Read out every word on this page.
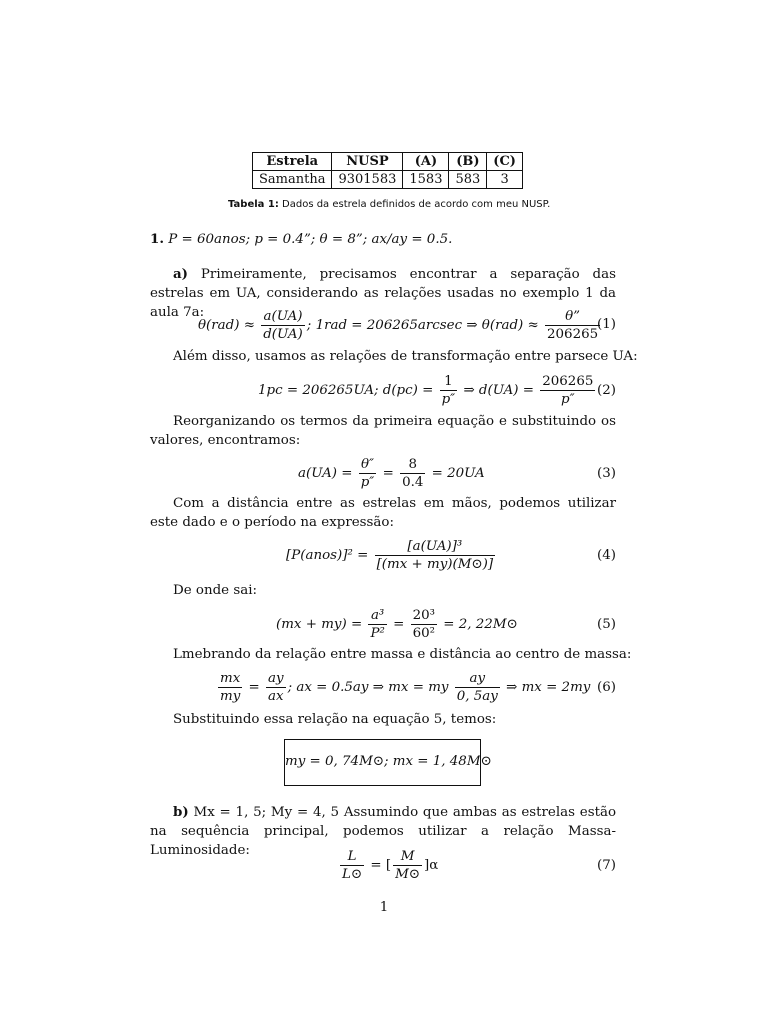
Estrela	NUSP	(A)	(B)	(C)
Samantha	9301583	1583	583	3
Tabela 1: Dados da estrela definidos de acordo com meu NUSP.
1. P = 60anos; p = 0.4”; θ = 8”; ax/ay = 0.5.
a) Primeiramente, precisamos encontrar a separação das estrelas em UA, considerando as relações usadas no exemplo 1 da aula 7a:
$\theta(rad) \approx \frac{a(UA)}{d(UA)}$ ; 1rad = 206265arcsec ⇒ $\theta(rad) \approx \frac{\theta”}{206265}$
(1)
Além disso, usamos as relações de transformação entre parsece UA:
1pc = 206265UA; $d(pc) = \frac{1}{p''}$ ⇒ $d(UA) = \frac{206265}{p''} (2)$
Reorganizando os termos da primeira equação e substituindo os valores, encontramos:
$a(UA) = \frac{\theta''}{p''} = \frac{8}{0.4} = 20UA$	(3)
Com a distância entre as estrelas em mãos, podemos utilizar este dado e o período na expressão:
[P(anos)]² = $\frac{\text{[a(UA)]³}}{[(mx + my)(M⊙)]}$	(4)
De onde sai:
$(mx + my) = \frac{\text{a³}}{\text{P²}} = \frac{\text{20³}}{\text{60²}} = 2$, 22M⊙	(5)
Lmebrando da relação entre massa e distância ao centro de massa:
$\frac{mx}{my} = \frac{ay}{ax}$ ; ax = 0.5ay ⇒ mx = my $\frac{ay}{0, 5ay}$ ⇒ mx = 2my (6)
Substituindo essa relação na equação 5, temos:
my = 0, 74M⊙; mx = 1, 48M⊙
b) Mx = 1, 5; My = 4, 5 Assumindo que ambas as estrelas estão na sequência principal, podemos utilizar a relação Massa-Luminosidade:	$\frac{L}{L⊙}$ = [ $\frac{M}{M⊙} ]\alpha$	(7)
1
